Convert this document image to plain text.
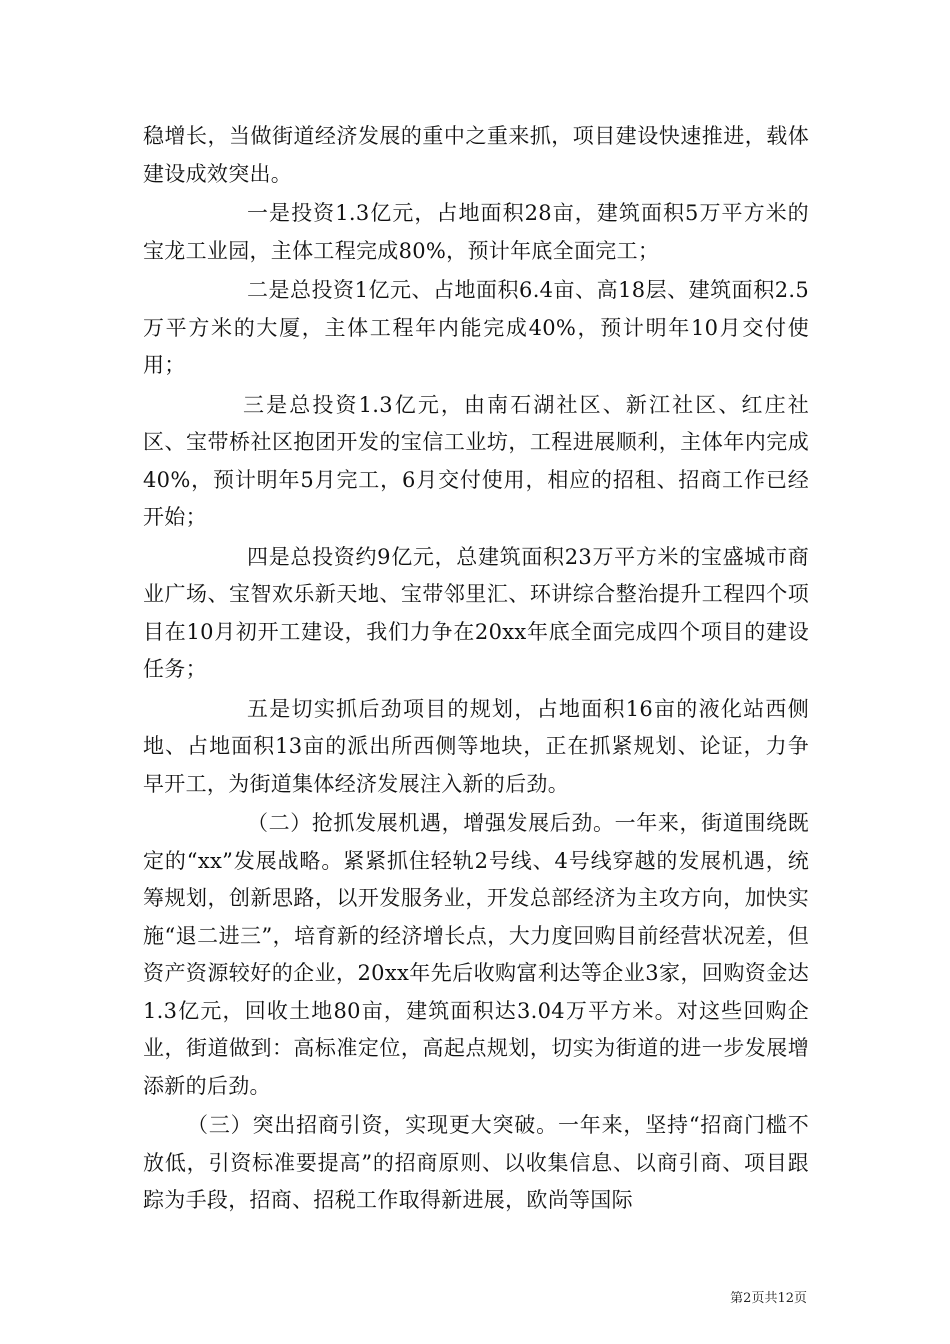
稳增长，当做街道经济发展的重中之重来抓，项目建设快速推进，载体建设成效突出。

一是投资1.3亿元，占地面积28亩，建筑面积5万平方米的宝龙工业园，主体工程完成80%，预计年底全面完工；

二是总投资1亿元、占地面积6.4亩、高18层、建筑面积2.5万平方米的大厦，主体工程年内能完成40%，预计明年10月交付使用；

三是总投资1.3亿元，由南石湖社区、新江社区、红庄社区、宝带桥社区抱团开发的宝信工业坊，工程进展顺利，主体年内完成40%，预计明年5月完工，6月交付使用，相应的招租、招商工作已经开始；

四是总投资约9亿元，总建筑面积23万平方米的宝盛城市商业广场、宝智欢乐新天地、宝带邻里汇、环讲综合整治提升工程四个项目在10月初开工建设，我们力争在20xx年底全面完成四个项目的建设任务；

五是切实抓后劲项目的规划，占地面积16亩的液化站西侧地、占地面积13亩的派出所西侧等地块，正在抓紧规划、论证，力争早开工，为街道集体经济发展注入新的后劲。

（二）抢抓发展机遇，增强发展后劲。一年来，街道围绕既定的“xx”发展战略。紧紧抓住轻轨2号线、4号线穿越的发展机遇，统筹规划，创新思路，以开发服务业，开发总部经济为主攻方向，加快实施“退二进三”，培育新的经济增长点，大力度回购目前经营状况差，但资产资源较好的企业，20xx年先后收购富利达等企业3家，回购资金达1.3亿元，回收土地80亩，建筑面积达3.04万平方米。对这些回购企业，街道做到：高标准定位，高起点规划，切实为街道的进一步发展增添新的后劲。

（三）突出招商引资，实现更大突破。一年来，坚持“招商门槛不放低，引资标准要提高”的招商原则、以收集信息、以商引商、项目跟踪为手段，招商、招税工作取得新进展，欧尚等国际

第2页共12页
